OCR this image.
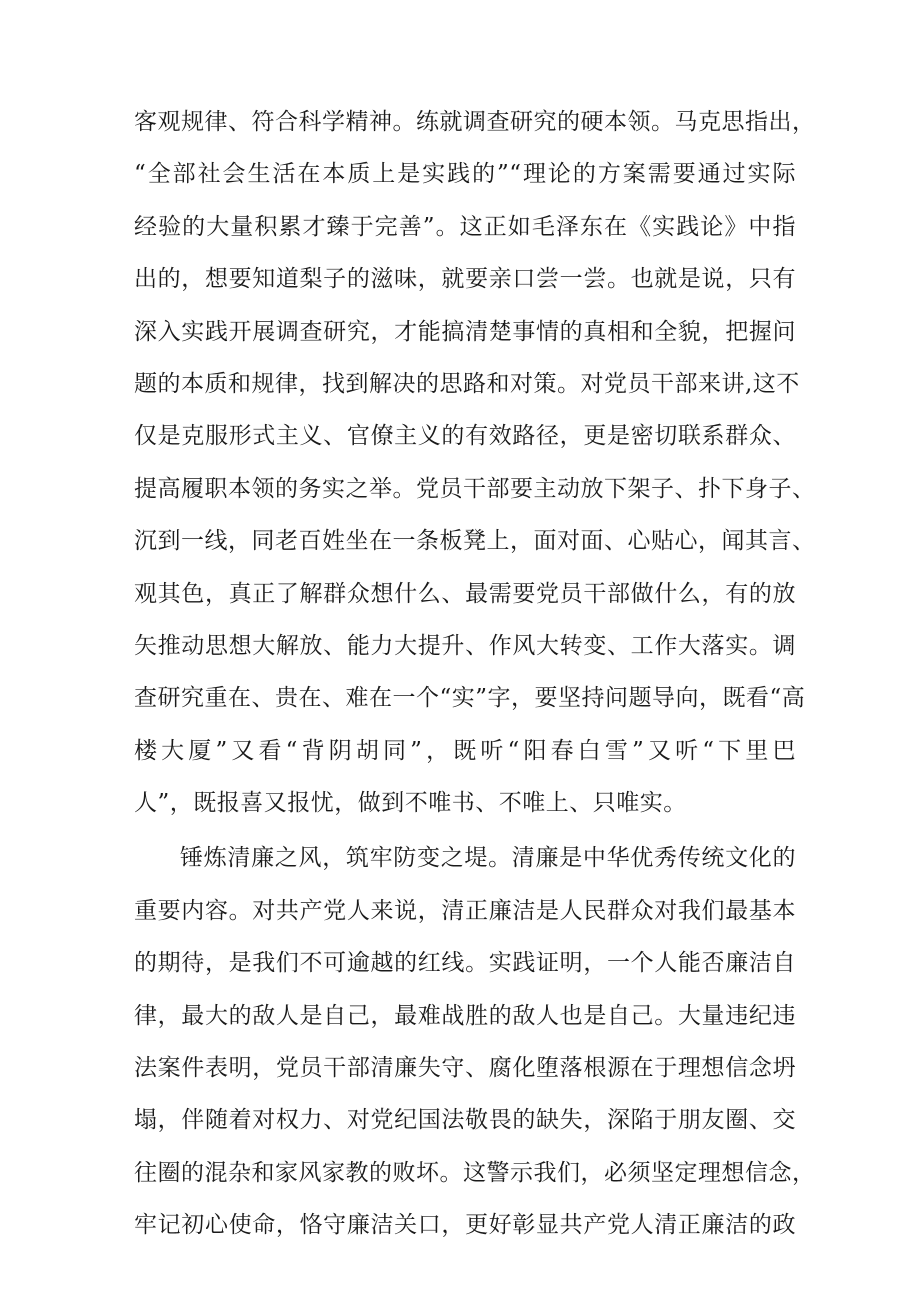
客观规律、符合科学精神。练就调查研究的硬本领。马克思指出，
“全部社会生活在本质上是实践的”“理论的方案需要通过实际
经验的大量积累才臻于完善”。这正如毛泽东在《实践论》中指
出的，想要知道梨子的滋味，就要亲口尝一尝。也就是说，只有
深入实践开展调查研究，才能搞清楚事情的真相和全貌，把握问
题的本质和规律，找到解决的思路和对策。对党员干部来讲,这不
仅是克服形式主义、官僚主义的有效路径，更是密切联系群众、
提高履职本领的务实之举。党员干部要主动放下架子、扑下身子、
沉到一线，同老百姓坐在一条板凳上，面对面、心贴心，闻其言、
观其色，真正了解群众想什么、最需要党员干部做什么，有的放
矢推动思想大解放、能力大提升、作风大转变、工作大落实。调
查研究重在、贵在、难在一个“实”字，要坚持问题导向，既看“高
楼大厦”又看“背阴胡同”，既听“阳春白雪”又听“下里巴
人”，既报喜又报忧，做到不唯书、不唯上、只唯实。
锤炼清廉之风，筑牢防变之堤。清廉是中华优秀传统文化的
重要内容。对共产党人来说，清正廉洁是人民群众对我们最基本
的期待，是我们不可逾越的红线。实践证明，一个人能否廉洁自
律，最大的敌人是自己，最难战胜的敌人也是自己。大量违纪违
法案件表明，党员干部清廉失守、腐化堕落根源在于理想信念坍
塌，伴随着对权力、对党纪国法敬畏的缺失，深陷于朋友圈、交
往圈的混杂和家风家教的败坏。这警示我们，必须坚定理想信念，
牢记初心使命，恪守廉洁关口，更好彰显共产党人清正廉洁的政
